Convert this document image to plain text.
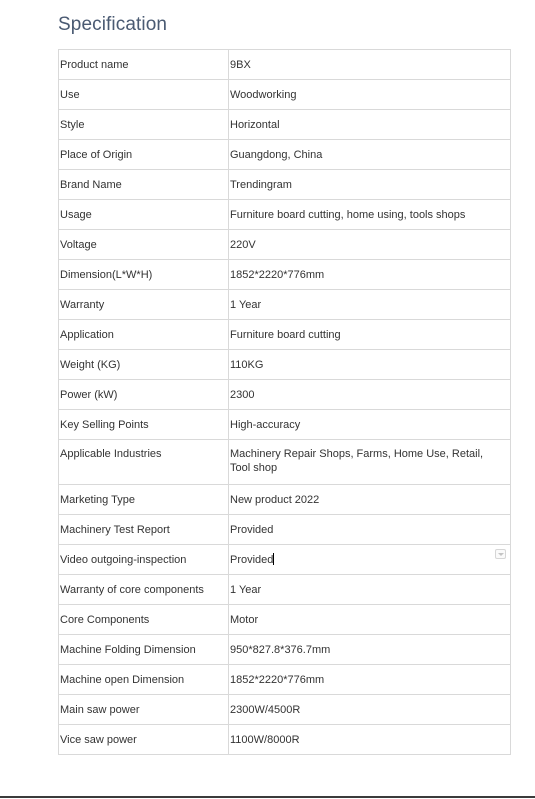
Specification
Product name	9BX
Use	Woodworking
Style	Horizontal
Place of Origin	Guangdong, China
Brand Name	Trendingram
Usage	Furniture board cutting, home using, tools shops
Voltage	220V
Dimension(L*W*H)	1852*2220*776mm
Warranty	1 Year
Application	Furniture board cutting
Weight (KG)	110KG
Power (kW)	2300
Key Selling Points	High-accuracy
Applicable Industries	Machinery Repair Shops, Farms, Home Use, Retail, Tool shop
Marketing Type	New product 2022
Machinery Test Report	Provided
Video outgoing-inspection	Provided

Warranty of core components	1 Year
Core Components	Motor
Machine Folding Dimension	950*827.8*376.7mm
Machine open Dimension	1852*2220*776mm
Main saw power	2300W/4500R
Vice saw power	1100W/8000R
